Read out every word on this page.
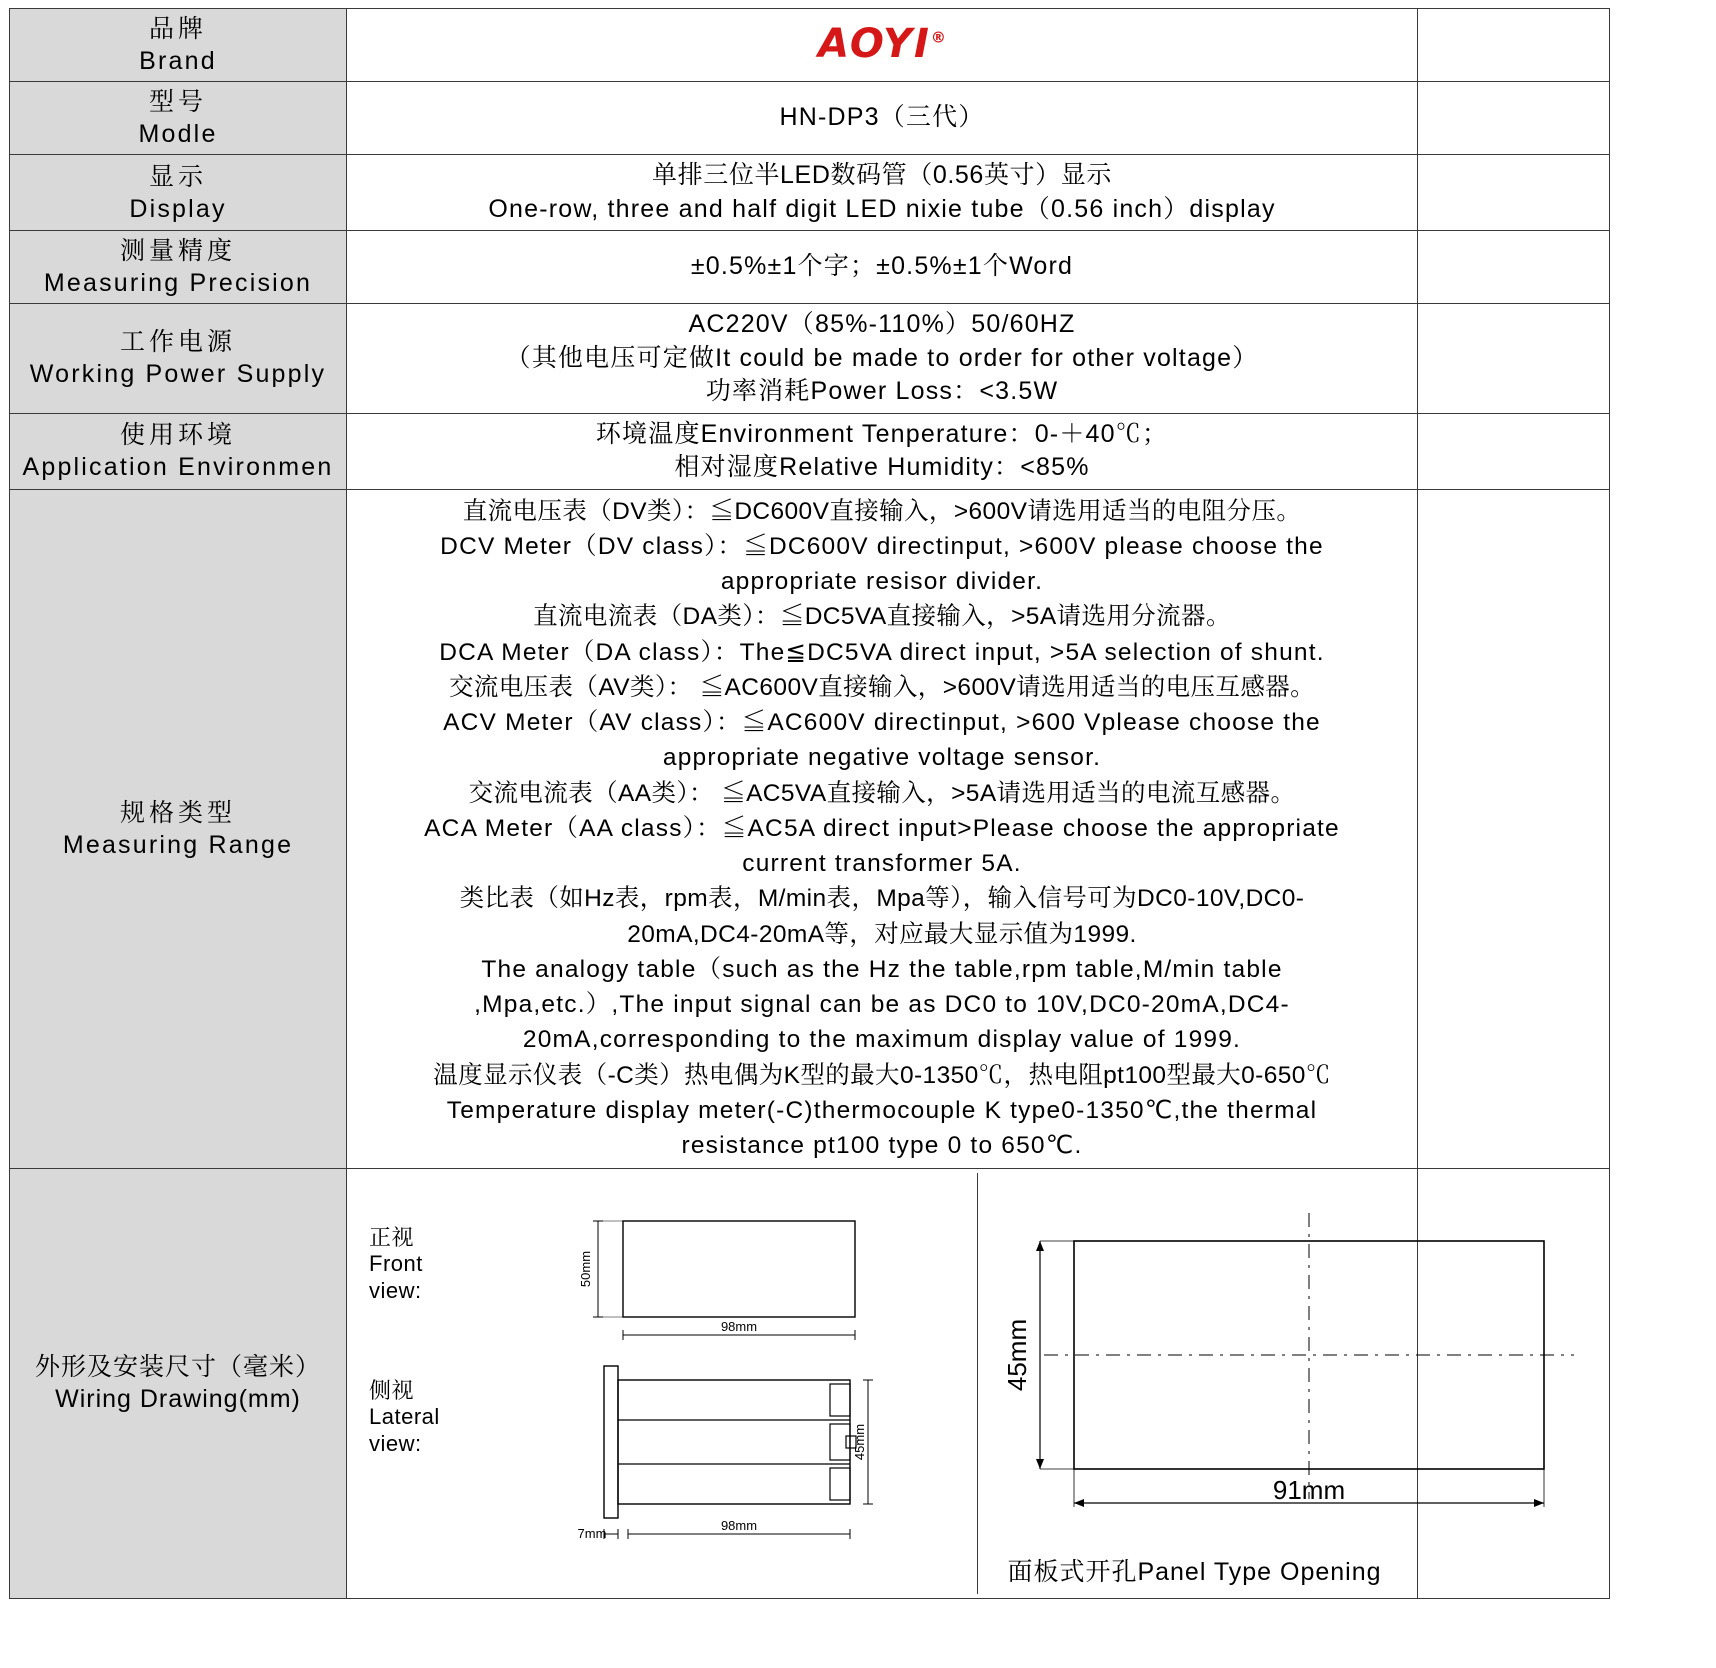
品牌
Brand	AOYI®	

型号
Modle	HN-DP3（三代）	

显示
Display	单排三位半LED数码管（0.56英寸）显示
One-row, three and half digit LED nixie tube（0.56 inch）display	

测量精度
Measuring Precision	±0.5%±1个字；±0.5%±1个Word	

工作电源
Working Power Supply	AC220V（85%-110%）50/60HZ
（其他电压可定做It could be made to order for other voltage）
功率消耗Power Loss：<3.5W	

使用环境
Application Environmen	环境温度Environment Tenperature：0-＋40℃；
相对湿度Relative Humidity：<85%	

规格类型
Measuring Range

直流电压表（DV类）：≦DC600V直接输入，>600V请选用适当的电阻分压。
DCV Meter（DV class）：≦DC600V directinput, >600V please choose the
appropriate resisor divider.
直流电流表（DA类）：≦DC5VA直接输入，>5A请选用分流器。
DCA Meter（DA class）：The≦DC5VA direct input, >5A selection of shunt.
交流电压表（AV类）： ≦AC600V直接输入，>600V请选用适当的电压互感器。
ACV Meter（AV class）：≦AC600V directinput, >600 Vplease choose the
appropriate negative voltage sensor.
交流电流表（AA类）： ≦AC5VA直接输入，>5A请选用适当的电流互感器。
ACA Meter（AA class）：≦AC5A direct input>Please choose the appropriate
current transformer 5A.
类比表（如Hz表，rpm表，M/min表，Mpa等），输入信号可为DC0-10V,DC0-
20mA,DC4-20mA等，对应最大显示值为1999.
The analogy table（such as the Hz the table,rpm table,M/min table
,Mpa,etc.）,The input signal can be as DC0 to 10V,DC0-20mA,DC4-
20mA,corresponding to the maximum display value of 1999.
温度显示仪表（-C类）热电偶为K型的最大0-1350℃，热电阻pt100型最大0-650℃
Temperature display meter(-C)thermocouple K type0-1350℃,the thermal
resistance pt100 type 0 to 650℃.

外形及安装尺寸（毫米） Wiring Drawing(mm)	
正视
Front
view:
侧视
Lateral
view:
50mm
98mm
45mm
7mm
98mm
45mm
91mm
面板式开孔Panel Type Opening
